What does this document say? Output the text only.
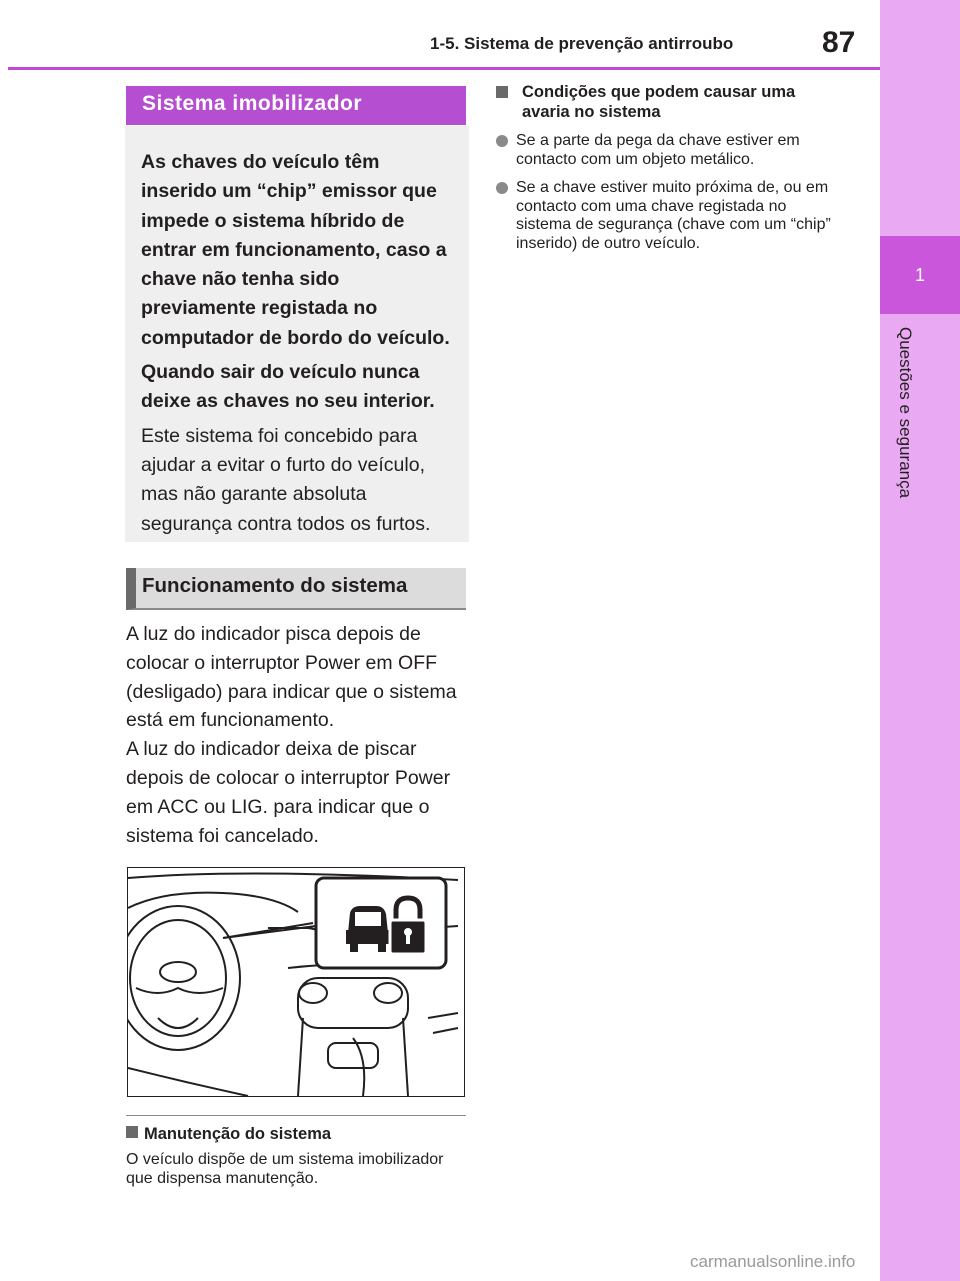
1-5. Sistema de prevenção antirroubo	87
1
Questões e segurança
Sistema imobilizador

As chaves do veículo têm inserido um “chip” emissor que impede o sistema híbrido de entrar em funcionamento, caso a chave não tenha sido previamente registada no computador de bordo do veículo.

Quando sair do veículo nunca deixe as chaves no seu interior.

Este sistema foi concebido para ajudar a evitar o furto do veículo, mas não garante absoluta segurança contra todos os furtos.

Funcionamento do sistema

A luz do indicador pisca depois de colocar o interruptor Power em OFF (desligado) para indicar que o sistema está em funcionamento.

A luz do indicador deixa de piscar depois de colocar o interruptor Power em ACC ou LIG. para indicar que o sistema foi cancelado.

Manutenção do sistema

O veículo dispõe de um sistema imobilizador que dispensa manutenção.

Condições que podem causar uma avaria no sistema
Se a parte da pega da chave estiver em contacto com um objeto metálico.
Se a chave estiver muito próxima de, ou em contacto com uma chave registada no sistema de segurança (chave com um “chip” inserido) de outro veículo.
carmanualsonline.info
